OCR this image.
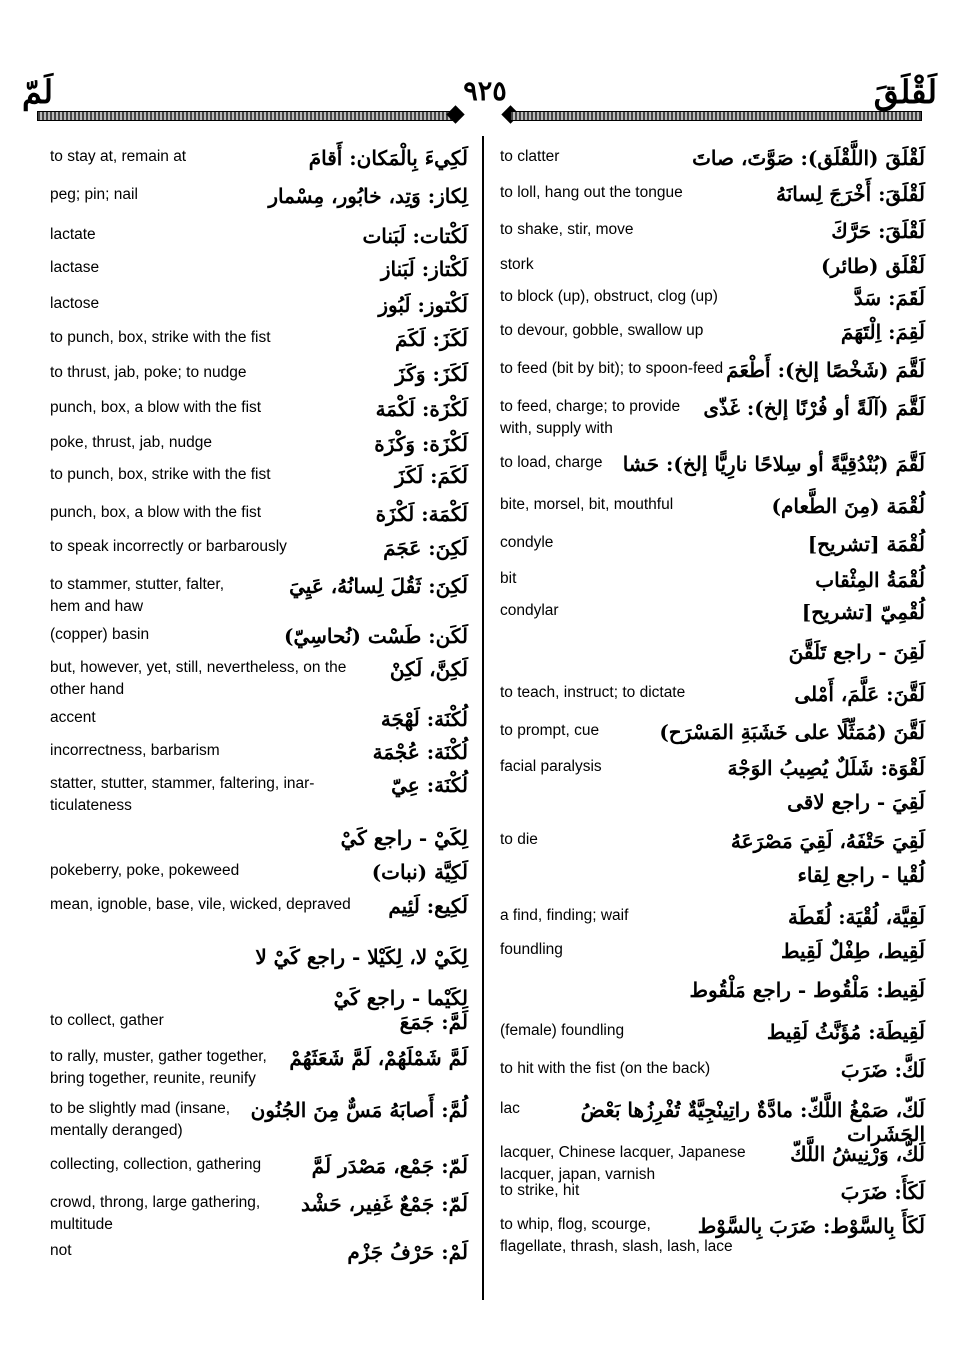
لَمّ	٩٢٥	لَقْلَقَ
لَكِيءَ بِالْمَكان: أَقامَ
to stay at, remain at
لِكاز: وَتِد، خابُور، مِسْمار
peg; pin; nail
لَكْتات: لَبَنات
lactate
لَكْتاز: لَبَناز
lactase
لَكْتوز: لَبُوز
lactose
لَكَزَ: لَكَمَ
to punch, box, strike with the fist
لَكَزَ: وَكَزَ
to thrust, jab, poke; to nudge
لَكْزَة: لَكْمَة
punch, box, a blow with the fist
لَكْزَة: وَكْزَة
poke, thrust, jab, nudge
لَكَمَ: لَكَزَ
to punch, box, strike with the fist
لَكْمَة: لَكْزَة
punch, box, a blow with the fist
لَكِنَ: عَجَمَ
to speak incorrectly or barbarously
لَكِنَ: ثَقُلَ لِسانُهُ، عَيِيَ
to stammer, stutter, falter,
hem and haw
لَكَن: طَسْت (نُحاسِيّ)
(copper) basin
لَكِنَّ، لَكِنْ
but, however, yet, still, nevertheless, on the
other hand
لُكْنَة: لَهْجَة
accent
لُكْنَة: عُجْمَة
incorrectness, barbarism
لُكْنَة: عِيّ
statter, stutter, stammer, faltering, inar-
ticulateness
لِكَيْ - راجع كَيْ
لَكِيَّة (نبات)
pokeberry, poke, pokeweed
لَكِيع: لَئِيم
mean, ignoble, base, vile, wicked, depraved
لِكَيْ لا، لِكَيْلا - راجع كَيْ لا
لِكَيْما - راجع كَيْ
لَمَّ: جَمَعَ
to collect, gather
لَمَّ شَمْلَهُمْ، لَمَّ شَعَثَهُمْ
to rally, muster, gather together,
bring together, reunite, reunify
لُمَّ: أَصابَهُ مَسٌّ مِنَ الجُنُون
to be slightly mad (insane,
mentally deranged)
لَمّ: جَمْع، مَصْدَر لَمَّ
collecting, collection, gathering
لَمّ: جَمْعٌ غَفِير، حَشْد
crowd, throng, large gathering,
multitude
لَمْ: حَرْفُ جَزْم
not
لَقْلَقَ (اللَّقْلَق): صَوَّتَ، صاتَ
to clatter
لَقْلَقَ: أَخْرَجَ لِسانَهُ
to loll, hang out the tongue
لَقْلَقَ: حَرَّكَ
to shake, stir, move
لَقْلَق (طائر)
stork
لَقَمَ: سَدَّ
to block (up), obstruct, clog (up)
لَقِمَ: اِلْتَهَمَ
to devour, gobble, swallow up
لَقَّمَ (شَخْصًا إلخ): أَطْعَمَ
to feed (bit by bit); to spoon-feed
لَقَّمَ (آلَةً أو فُرْنًا إلخ): غَذّى
to feed, charge; to provide
with, supply with
لَقَّمَ (بُنْدُقِيَّةً أو سِلاحًا نارِيًّا إلخ): حَشا
to load, charge
لُقْمَة (مِنَ الطَّعام)
bite, morsel, bit, mouthful
لُقْمَة [تشريح]
condyle
لُقْمَةُ المِثْقاب
bit
لُقْمِيّ [تشريح]
condylar
لَقِنَ - راجع تَلَقَّنَ
لَقَّنَ: عَلَّمَ، أَمْلى
to teach, instruct; to dictate
لَقَّنَ (مُمَثِّلًا على خَشَبَةِ المَسْرَح)
to prompt, cue
لَقْوَة: شَلَلٌ يُصِيبُ الوَجْهَ
facial paralysis
لَقِيَ - راجع لاقى
لَقِيَ حَتْفَهُ، لَقِيَ مَصْرَعَهُ
to die
لُقْيا - راجع لِقاء
لَقِيَّة، لُقْيَة: لُقَطَة
a find, finding; waif
لَقِيط، طِفْلٌ لَقِيط
foundling
لَقِيط: مَلْقُوط - راجع مَلْقُوط
لَقِيطَة: مُؤَنَّثُ لَقِيط
(female) foundling
لَكَّ: ضَرَبَ
to hit with the fist (on the back)
لَكّ، صَمْغُ اللَّكّ: مادَّةٌ راتِينْجِيَّةٌ تُفْرِزُها بَعْضُ الحَشَرات
lac
لَكّ، وَرْنِيشُ اللَّكّ
lacquer, Chinese lacquer, Japanese
lacquer, japan, varnish
لَكَأَ: ضَرَبَ
to strike, hit
لَكَأَ بِالسَّوْط: ضَرَبَ بِالسَّوْط
to whip, flog, scourge,
flagellate, thrash, slash, lash, lace
